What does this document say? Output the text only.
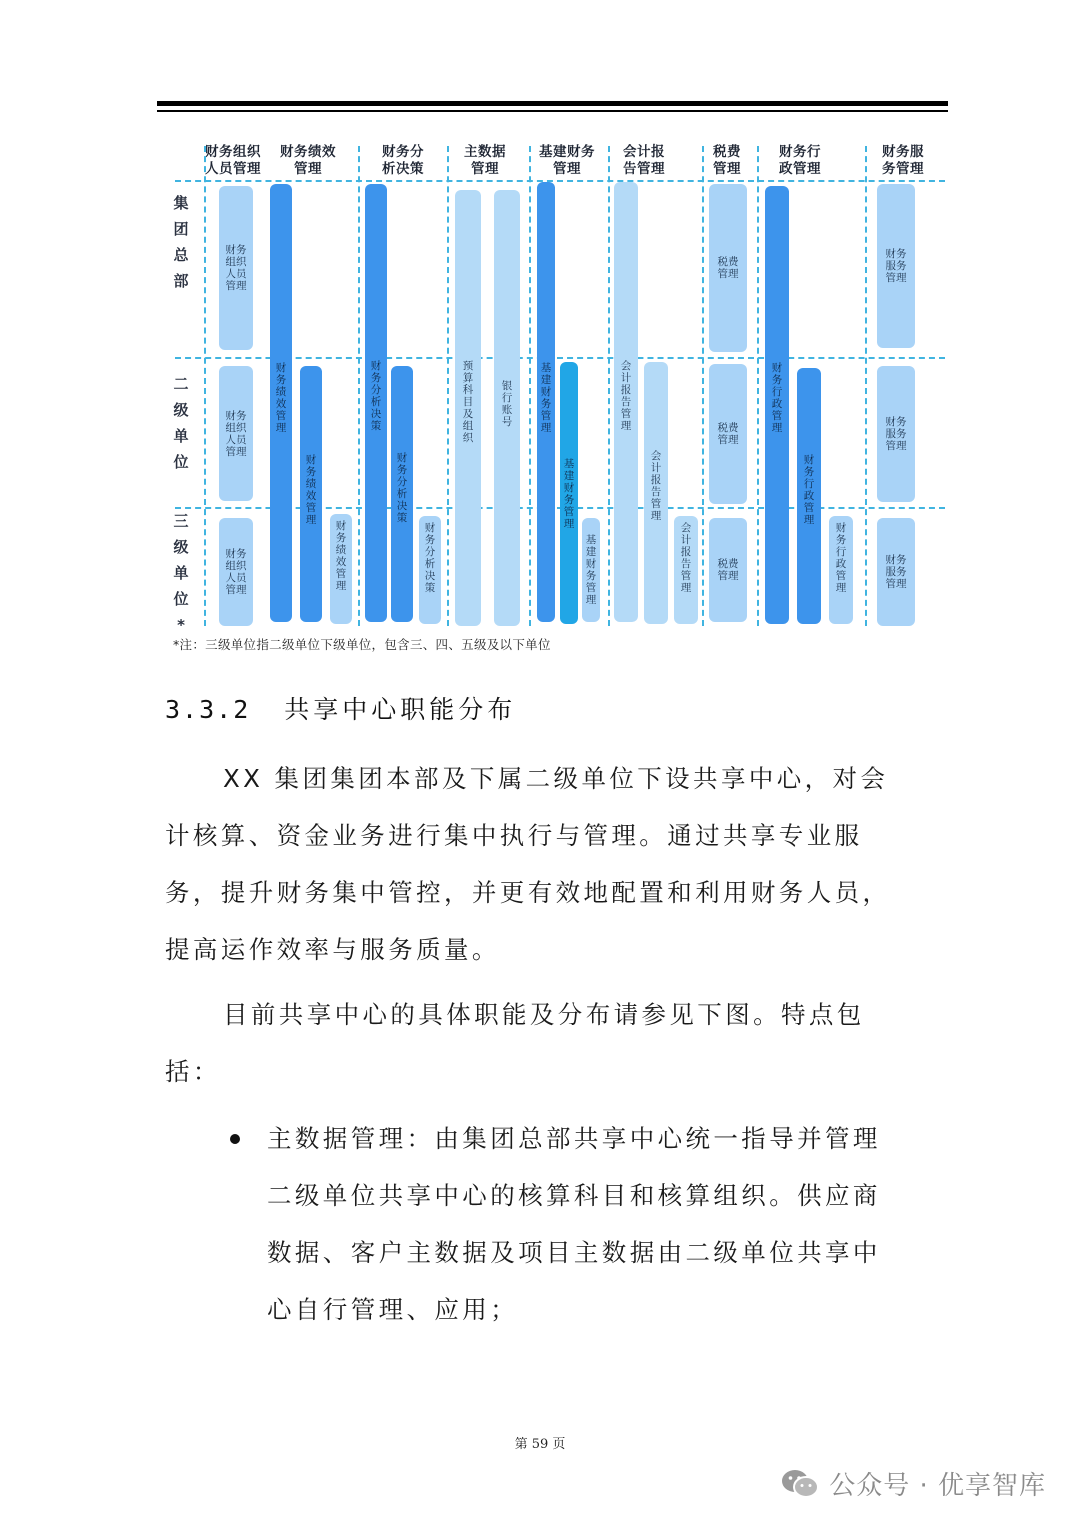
财务组织
人员管理
财务绩效
管理
财务分
析决策
主数据
管理
基建财务
管理
会计报
告管理
税费
管理
财务行
政管理
财务服
务管理
集
团
总
部
二
级
单
位
三
级
单
位
*
财务
组织
人员
管理
财务
组织
人员
管理
财务
组织
人员
管理
财
务
绩
效
管
理
财
务
绩
效
管
理 财
务
绩
效
管
理
财
务
分
析
决
策
财
务
分
析
决
策
财
务
分
析
决
策
预
算
科
目
及
组
织
银
行
账
号
基
建
财
务
管
理
基
建
财
务
管
理
基
建
财
务
管
理
会
计
报
告
管
理
会
计
报
告
管
理
会
计
报
告
管
理
税费
管理
税费
管理
税费
管理
财
务
行
政
管
理
财
务
行
政
管
理
财
务
行
政
管
理
财务
服务
管理
财务
服务
管理
财务
服务
管理
*注：三级单位指二级单位下级单位，包含三、四、五级及以下单位
3.3.2 共享中心职能分布

XX 集团集团本部及下属二级单位下设共享中心，对会计核算、资金业务进行集中执行与管理。通过共享专业服务，提升财务集中管控，并更有效地配置和利用财务人员，提高运作效率与服务质量。

目前共享中心的具体职能及分布请参见下图。特点包括：

主数据管理：由集团总部共享中心统一指导并管理二级单位共享中心的核算科目和核算组织。供应商数据、客户主数据及项目主数据由二级单位共享中心自行管理、应用；

第 59 页
公众号 · 优享智库
